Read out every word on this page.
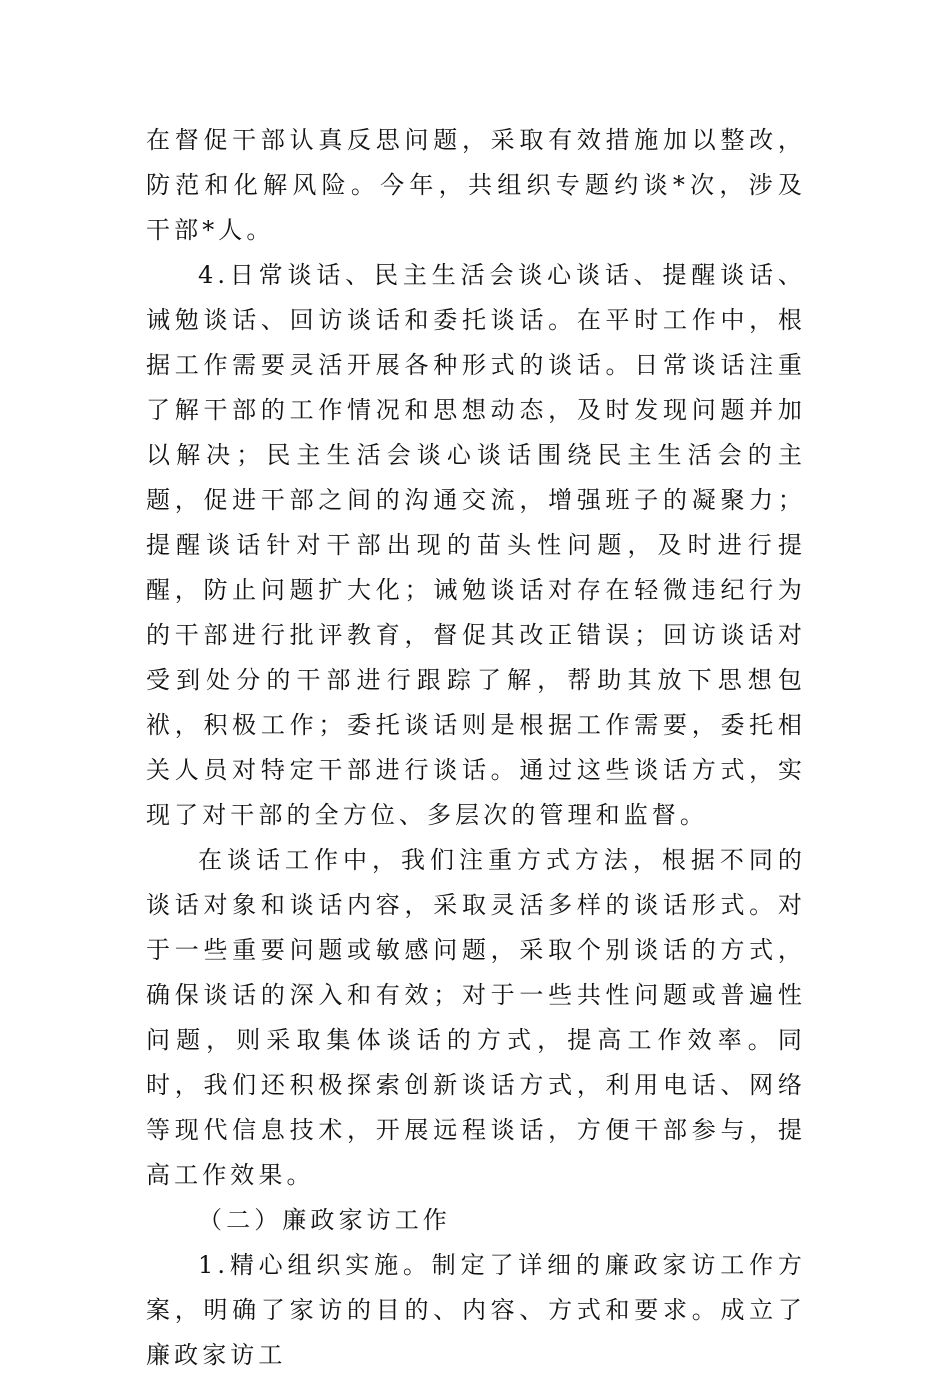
在督促干部认真反思问题，采取有效措施加以整改，防范和化解风险。今年，共组织专题约谈*次，涉及干部*人。

4.日常谈话、民主生活会谈心谈话、提醒谈话、诫勉谈话、回访谈话和委托谈话。在平时工作中，根据工作需要灵活开展各种形式的谈话。日常谈话注重了解干部的工作情况和思想动态，及时发现问题并加以解决；民主生活会谈心谈话围绕民主生活会的主题，促进干部之间的沟通交流，增强班子的凝聚力；提醒谈话针对干部出现的苗头性问题，及时进行提醒，防止问题扩大化；诫勉谈话对存在轻微违纪行为的干部进行批评教育，督促其改正错误；回访谈话对受到处分的干部进行跟踪了解，帮助其放下思想包袱，积极工作；委托谈话则是根据工作需要，委托相关人员对特定干部进行谈话。通过这些谈话方式，实现了对干部的全方位、多层次的管理和监督。

在谈话工作中，我们注重方式方法，根据不同的谈话对象和谈话内容，采取灵活多样的谈话形式。对于一些重要问题或敏感问题，采取个别谈话的方式，确保谈话的深入和有效；对于一些共性问题或普遍性问题，则采取集体谈话的方式，提高工作效率。同时，我们还积极探索创新谈话方式，利用电话、网络等现代信息技术，开展远程谈话，方便干部参与，提高工作效果。

（二）廉政家访工作

1.精心组织实施。制定了详细的廉政家访工作方案，明确了家访的目的、内容、方式和要求。成立了廉政家访工
